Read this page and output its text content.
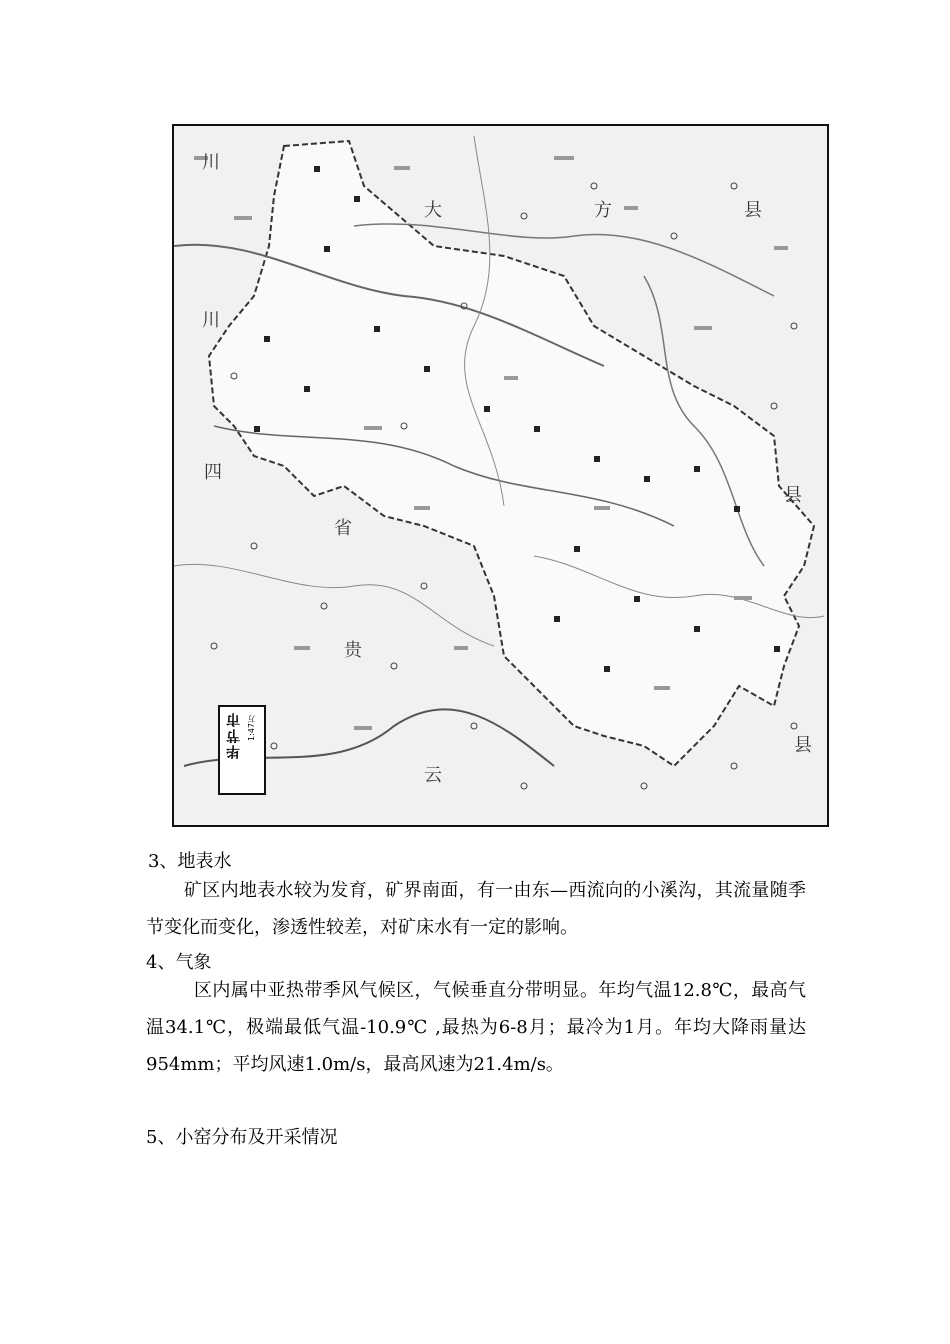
川
川
四
省
云
贵
大	方	县
县
县
毕节市 1:47万
3、地表水

矿区内地表水较为发育，矿界南面，有一由东—西流向的小溪沟，其流量随季节变化而变化，渗透性较差，对矿床水有一定的影响。

4、气象

区内属中亚热带季风气候区，气候垂直分带明显。年均气温12.8℃，最高气温34.1℃，极端最低气温-10.9℃ ,最热为6-8月；最冷为1月。年均大降雨量达954mm；平均风速1.0m/s，最高风速为21.4m/s。

5、小窑分布及开采情况
